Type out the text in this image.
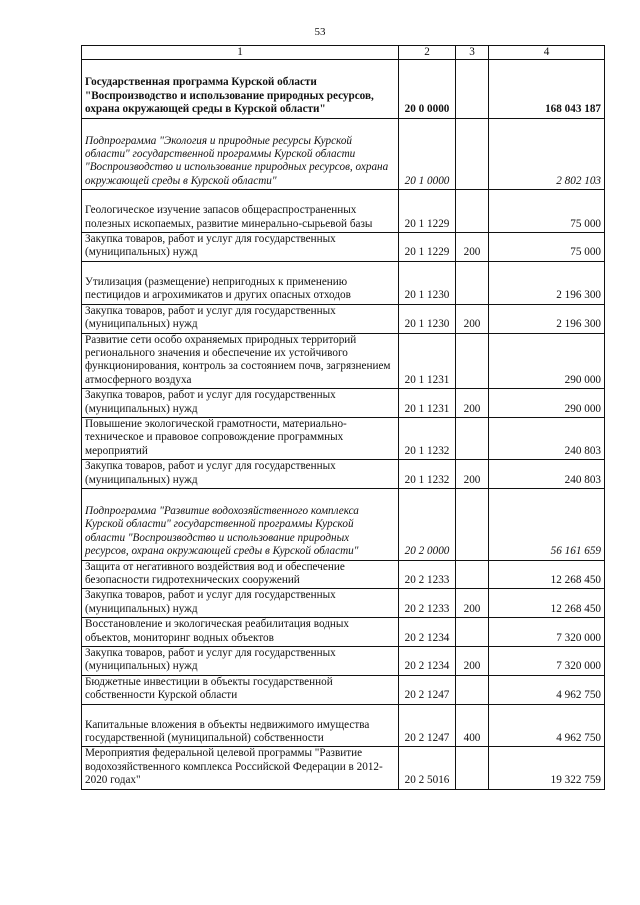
53
1	2	3	4
Государственная программа Курской области "Воспроизводство и использование природных ресурсов, охрана окружающей среды в Курской области"	20 0 0000		168 043 187
Подпрограмма "Экология и природные ресурсы Курской области" государственной программы Курской области "Воспроизводство и использование природных ресурсов, охрана окружающей среды в Курской области"	20 1 0000		2 802 103
Геологическое изучение запасов общераспространенных полезных ископаемых, развитие минерально-сырьевой базы	20 1 1229		75 000
Закупка товаров, работ и услуг для государственных (муниципальных) нужд	20 1 1229	200	75 000
Утилизация (размещение) непригодных к применению пестицидов и агрохимикатов и других опасных отходов	20 1 1230		2 196 300
Закупка товаров, работ и услуг для государственных (муниципальных) нужд	20 1 1230	200	2 196 300
Развитие сети особо охраняемых природных территорий регионального значения и обеспечение их устойчивого функционирования, контроль за состоянием почв, загрязнением атмосферного воздуха	20 1 1231		290 000
Закупка товаров, работ и услуг для государственных (муниципальных) нужд	20 1 1231	200	290 000
Повышение экологической грамотности, материально-техническое и правовое сопровождение программных мероприятий	20 1 1232		240 803
Закупка товаров, работ и услуг для государственных (муниципальных) нужд	20 1 1232	200	240 803
Подпрограмма "Развитие водохозяйственного комплекса Курской области" государственной программы Курской области "Воспроизводство и использование природных ресурсов, охрана окружающей среды в Курской области"	20 2 0000		56 161 659
Защита от негативного воздействия вод и обеспечение безопасности гидротехнических сооружений	20 2 1233		12 268 450
Закупка товаров, работ и услуг для государственных (муниципальных) нужд	20 2 1233	200	12 268 450
Восстановление и экологическая реабилитация водных объектов, мониторинг водных объектов	20 2 1234		7 320 000
Закупка товаров, работ и услуг для государственных (муниципальных) нужд	20 2 1234	200	7 320 000
Бюджетные инвестиции в объекты государственной собственности Курской области	20 2 1247		4 962 750
Капитальные вложения в объекты недвижимого имущества государственной (муниципальной) собственности	20 2 1247	400	4 962 750
Мероприятия федеральной целевой программы "Развитие водохозяйственного комплекса Российской Федерации в 2012-2020 годах"	20 2 5016		19 322 759
